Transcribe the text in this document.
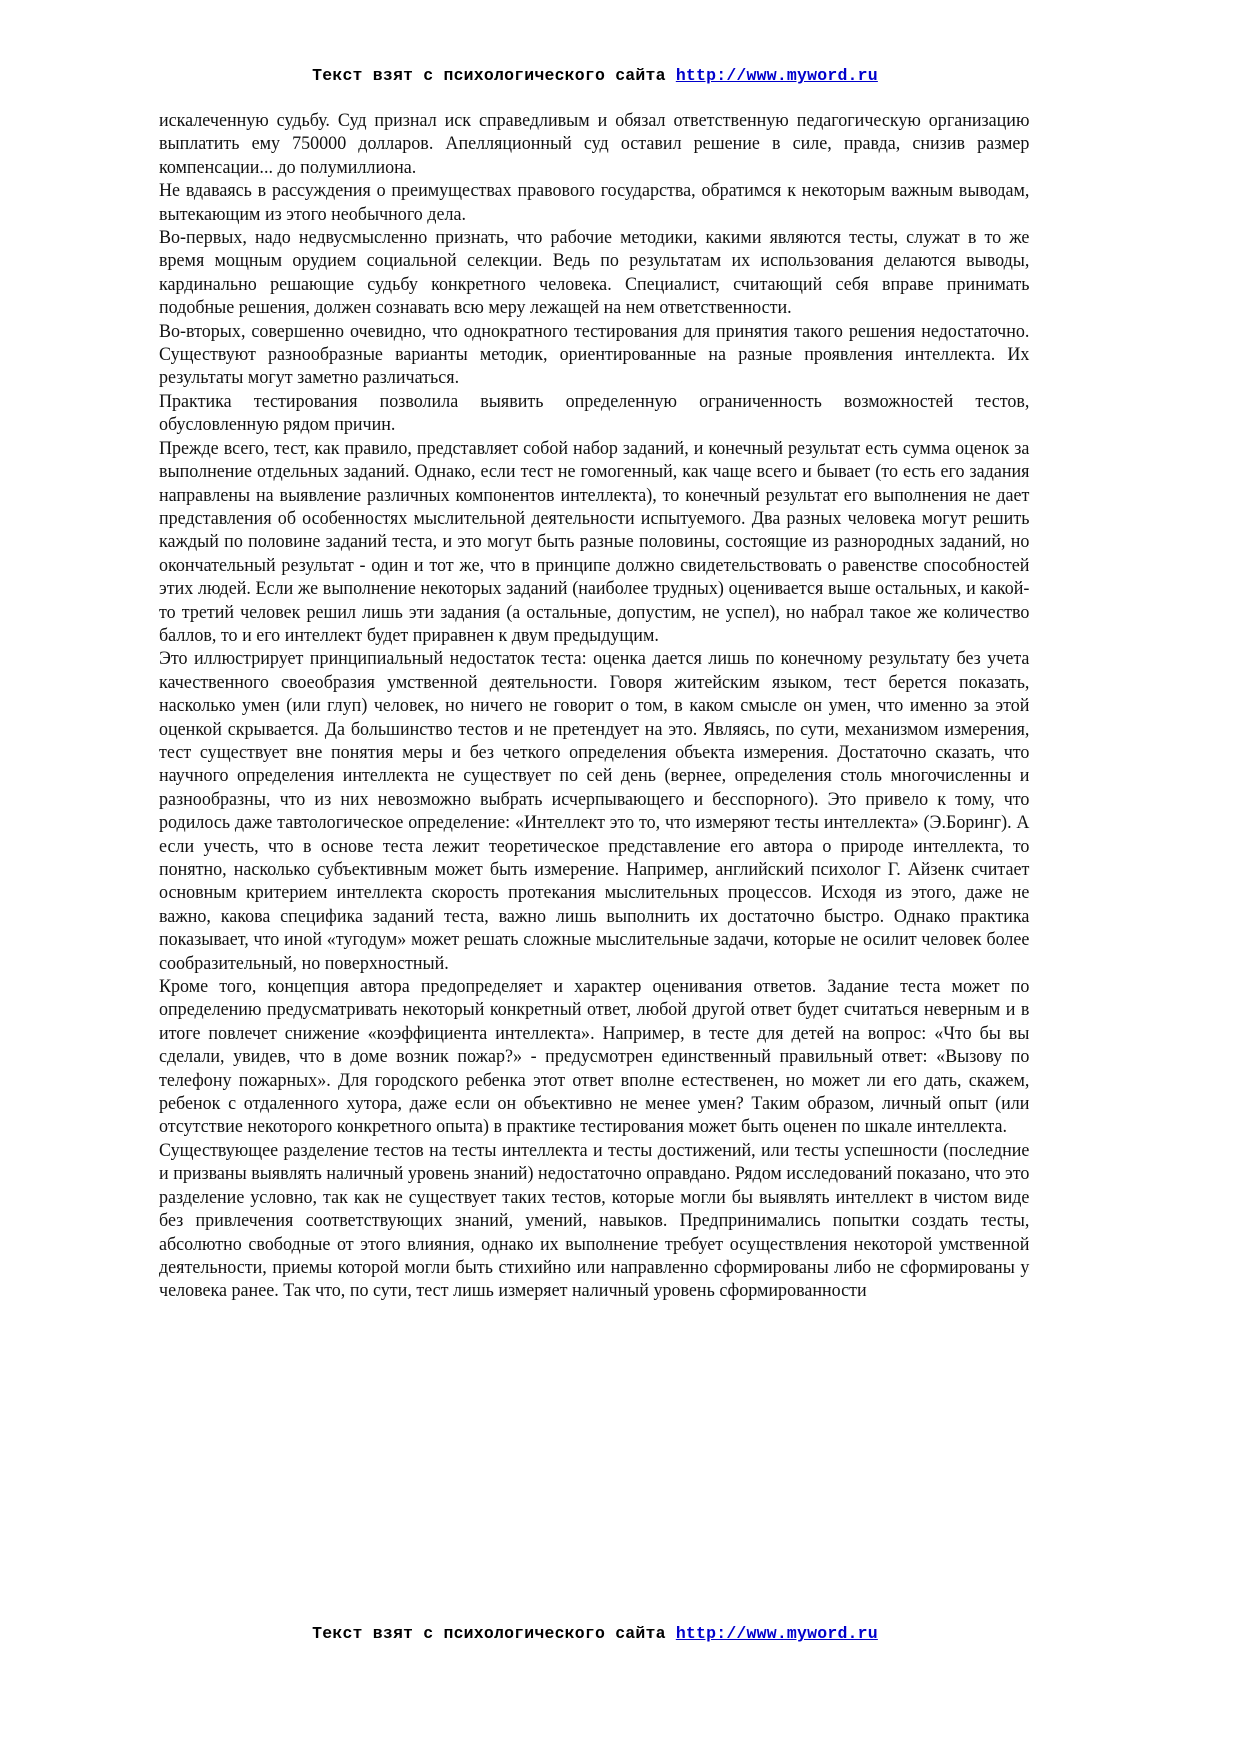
Текст взят с психологического сайта http://www.myword.ru

искалеченную судьбу. Суд признал иск справедливым и обязал ответственную педагогическую организацию выплатить ему 750000 долларов. Апелляционный суд оставил решение в силе, правда, снизив размер компенсации... до полумиллиона.

Не вдаваясь в рассуждения о преимуществах правового государства, обратимся к некоторым важным выводам, вытекающим из этого необычного дела.

Во-первых, надо недвусмысленно признать, что рабочие методики, какими являются тесты, служат в то же время мощным орудием социальной селекции. Ведь по результатам их использования делаются выводы, кардинально решающие судьбу конкретного человека. Специалист, считающий себя вправе принимать подобные решения, должен сознавать всю меру лежащей на нем ответственности.

Во-вторых, совершенно очевидно, что однократного тестирования для принятия такого решения недостаточно. Существуют разнообразные варианты методик, ориентированные на разные проявления интеллекта. Их результаты могут заметно различаться.

Практика тестирования позволила выявить определенную ограниченность возможностей тестов, обусловленную рядом причин.

Прежде всего, тест, как правило, представляет собой набор заданий, и конечный результат есть сумма оценок за выполнение отдельных заданий. Однако, если тест не гомогенный, как чаще всего и бывает (то есть его задания направлены на выявление различных компонентов интеллекта), то конечный результат его выполнения не дает представления об особенностях мыслительной деятельности испытуемого. Два разных человека могут решить каждый по половине заданий теста, и это могут быть разные половины, состоящие из разнородных заданий, но окончательный результат - один и тот же, что в принципе должно свидетельствовать о равенстве способностей этих людей. Если же выполнение некоторых заданий (наиболее трудных) оценивается выше остальных, и какой-то третий человек решил лишь эти задания (а остальные, допустим, не успел), но набрал такое же количество баллов, то и его интеллект будет приравнен к двум предыдущим.

Это иллюстрирует принципиальный недостаток теста: оценка дается лишь по конечному результату без учета качественного своеобразия умственной деятельности. Говоря житейским языком, тест берется показать, насколько умен (или глуп) человек, но ничего не говорит о том, в каком смысле он умен, что именно за этой оценкой скрывается. Да большинство тестов и не претендует на это. Являясь, по сути, механизмом измерения, тест существует вне понятия меры и без четкого определения объекта измерения. Достаточно сказать, что научного определения интеллекта не существует по сей день (вернее, определения столь многочисленны и разнообразны, что из них невозможно выбрать исчерпывающего и бесспорного). Это привело к тому, что родилось даже тавтологическое определение: «Интеллект это то, что измеряют тесты интеллекта» (Э.Боринг). А если учесть, что в основе теста лежит теоретическое представление его автора о природе интеллекта, то понятно, насколько субъективным может быть измерение. Например, английский психолог Г. Айзенк считает основным критерием интеллекта скорость протекания мыслительных процессов. Исходя из этого, даже не важно, какова специфика заданий теста, важно лишь выполнить их достаточно быстро. Однако практика показывает, что иной «тугодум» может решать сложные мыслительные задачи, которые не осилит человек более сообразительный, но поверхностный.

Кроме того, концепция автора предопределяет и характер оценивания ответов. Задание теста может по определению предусматривать некоторый конкретный ответ, любой другой ответ будет считаться неверным и в итоге повлечет снижение «коэффициента интеллекта». Например, в тесте для детей на вопрос: «Что бы вы сделали, увидев, что в доме возник пожар?» - предусмотрен единственный правильный ответ: «Вызову по телефону пожарных». Для городского ребенка этот ответ вполне естественен, но может ли его дать, скажем, ребенок с отдаленного хутора, даже если он объективно не менее умен? Таким образом, личный опыт (или отсутствие некоторого конкретного опыта) в практике тестирования может быть оценен по шкале интеллекта.

Существующее разделение тестов на тесты интеллекта и тесты достижений, или тесты успешности (последние и призваны выявлять наличный уровень знаний) недостаточно оправдано. Рядом исследований показано, что это разделение условно, так как не существует таких тестов, которые могли бы выявлять интеллект в чистом виде без привлечения соответствующих знаний, умений, навыков. Предпринимались попытки создать тесты, абсолютно свободные от этого влияния, однако их выполнение требует осуществления некоторой умственной деятельности, приемы которой могли быть стихийно или направленно сформированы либо не сформированы у человека ранее. Так что, по сути, тест лишь измеряет наличный уровень сформированности

Текст взят с психологического сайта http://www.myword.ru
